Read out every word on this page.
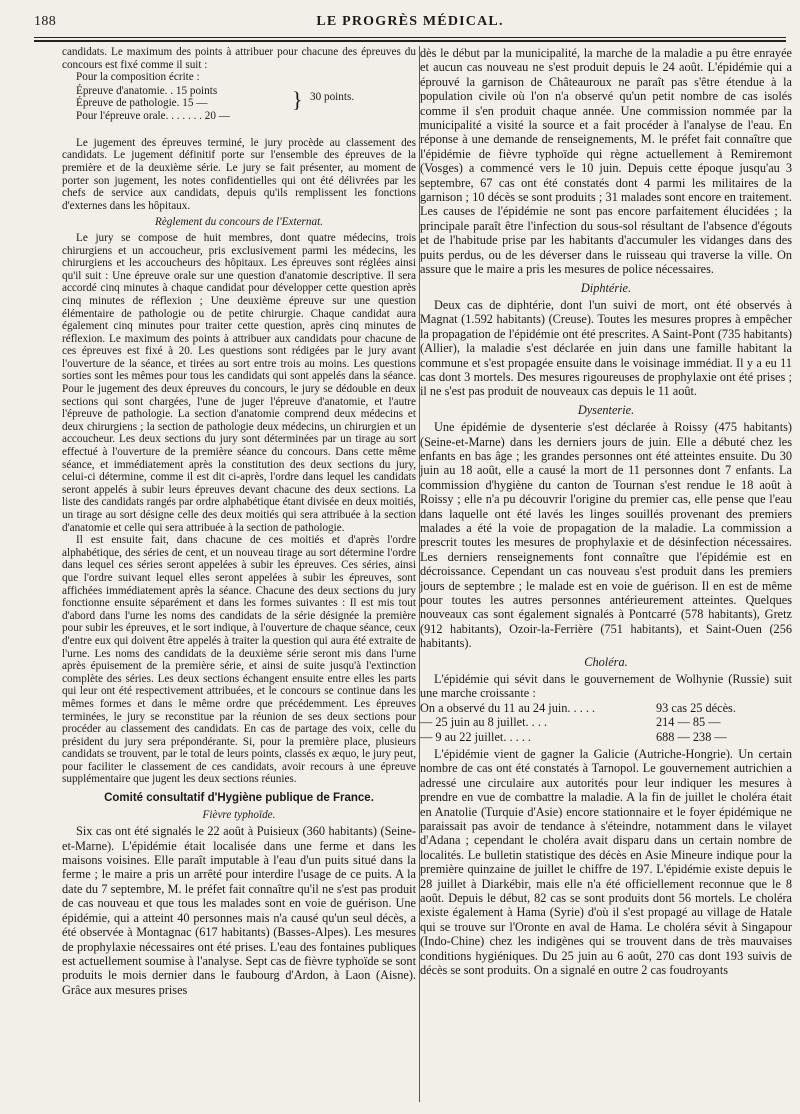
188	LE PROGRÈS MÉDICAL.

candidats. Le maximum des points à attribuer pour chacune des épreuves du concours est fixé comme il suit :

Pour la composition écrite :

Épreuve d'anatomie. . 15 points
Épreuve de pathologie. 15 —	} 30 points.
Pour l'épreuve orale. . . . . . . 20 —

Le jugement des épreuves terminé, le jury procède au classement des candidats. Le jugement définitif porte sur l'ensemble des épreuves de la première et de la deuxième série. Le jury se fait présenter, au moment de porter son jugement, les notes confidentielles qui ont été délivrées par les chefs de service aux candidats, depuis qu'ils remplissent les fonctions d'externes dans les hôpitaux.

Règlement du concours de l'Externat.

Le jury se compose de huit membres, dont quatre médecins, trois chirurgiens et un accoucheur, pris exclusivement parmi les médecins, les chirurgiens et les accoucheurs des hôpitaux. Les épreuves sont réglées ainsi qu'il suit : Une épreuve orale sur une question d'anatomie descriptive. Il sera accordé cinq minutes à chaque candidat pour développer cette question après cinq minutes de réflexion ; Une deuxième épreuve sur une question élémentaire de pathologie ou de petite chirurgie. Chaque candidat aura également cinq minutes pour traiter cette question, après cinq minutes de réflexion. Le maximum des points à attribuer aux candidats pour chacune de ces épreuves est fixé à 20. Les questions sont rédigées par le jury avant l'ouverture de la séance, et tirées au sort entre trois au moins. Les questions sorties sont les mêmes pour tous les candidats qui sont appelés dans la séance. Pour le jugement des deux épreuves du concours, le jury se dédouble en deux sections qui sont chargées, l'une de juger l'épreuve d'anatomie, et l'autre l'épreuve de pathologie. La section d'anatomie comprend deux médecins et deux chirurgiens ; la section de pathologie deux médecins, un chirurgien et un accoucheur. Les deux sections du jury sont déterminées par un tirage au sort effectué à l'ouverture de la première séance du concours. Dans cette même séance, et immédiatement après la constitution des deux sections du jury, celui-ci détermine, comme il est dit ci-après, l'ordre dans lequel les candidats seront appelés à subir leurs épreuves devant chacune des deux sections. La liste des candidats rangés par ordre alphabétique étant divisée en deux moitiés, un tirage au sort désigne celle des deux moitiés qui sera attribuée à la section d'anatomie et celle qui sera attribuée à la section de pathologie.

Il est ensuite fait, dans chacune de ces moitiés et d'après l'ordre alphabétique, des séries de cent, et un nouveau tirage au sort détermine l'ordre dans lequel ces séries seront appelées à subir les épreuves. Ces séries, ainsi que l'ordre suivant lequel elles seront appelées à subir les épreuves, sont affichées immédiatement après la séance. Chacune des deux sections du jury fonctionne ensuite séparément et dans les formes suivantes : Il est mis tout d'abord dans l'urne les noms des candidats de la série désignée la première pour subir les épreuves, et le sort indique, à l'ouverture de chaque séance, ceux d'entre eux qui doivent être appelés à traiter la question qui aura été extraite de l'urne. Les noms des candidats de la deuxième série seront mis dans l'urne après épuisement de la première série, et ainsi de suite jusqu'à l'extinction complète des séries. Les deux sections échangent ensuite entre elles les parts qui leur ont été respectivement attribuées, et le concours se continue dans les mêmes formes et dans le même ordre que précédemment. Les épreuves terminées, le jury se reconstitue par la réunion de ses deux sections pour procéder au classement des candidats. En cas de partage des voix, celle du président du jury sera prépondérante. Si, pour la première place, plusieurs candidats se trouvent, par le total de leurs points, classés ex æquo, le jury peut, pour faciliter le classement de ces candidats, avoir recours à une épreuve supplémentaire que jugent les deux sections réunies.

Comité consultatif d'Hygiène publique de France.
Fièvre typhoïde.

Six cas ont été signalés le 22 août à Puisieux (360 habitants) (Seine-et-Marne). L'épidémie était localisée dans une ferme et dans les maisons voisines. Elle paraît imputable à l'eau d'un puits situé dans la ferme ; le maire a pris un arrêté pour interdire l'usage de ce puits. A la date du 7 septembre, M. le préfet fait connaître qu'il ne s'est pas produit de cas nouveau et que tous les malades sont en voie de guérison. Une épidémie, qui a atteint 40 personnes mais n'a causé qu'un seul décès, a été observée à Montagnac (617 habitants) (Basses-Alpes). Les mesures de prophylaxie nécessaires ont été prises. L'eau des fontaines publiques est actuellement soumise à l'analyse. Sept cas de fièvre typhoïde se sont produits le mois dernier dans le faubourg d'Ardon, à Laon (Aisne). Grâce aux mesures prises

dès le début par la municipalité, la marche de la maladie a pu être enrayée et aucun cas nouveau ne s'est produit depuis le 24 août. L'épidémie qui a éprouvé la garnison de Châteauroux ne paraît pas s'être étendue à la population civile où l'on n'a observé qu'un petit nombre de cas isolés comme il s'en produit chaque année. Une commission nommée par la municipalité a visité la source et a fait procéder à l'analyse de l'eau. En réponse à une demande de renseignements, M. le préfet fait connaître que l'épidémie de fièvre typhoïde qui règne actuellement à Remiremont (Vosges) a commencé vers le 10 juin. Depuis cette époque jusqu'au 3 septembre, 67 cas ont été constatés dont 4 parmi les militaires de la garnison ; 10 décès se sont produits ; 31 malades sont encore en traitement. Les causes de l'épidémie ne sont pas encore parfaitement élucidées ; la principale paraît être l'infection du sous-sol résultant de l'absence d'égouts et de l'habitude prise par les habitants d'accumuler les vidanges dans des puits perdus, ou de les déverser dans le ruisseau qui traverse la ville. On assure que le maire a pris les mesures de police nécessaires.

Diphtérie.

Deux cas de diphtérie, dont l'un suivi de mort, ont été observés à Magnat (1.592 habitants) (Creuse). Toutes les mesures propres à empêcher la propagation de l'épidémie ont été prescrites. A Saint-Pont (735 habitants) (Allier), la maladie s'est déclarée en juin dans une famille habitant la commune et s'est propagée ensuite dans le voisinage immédiat. Il y a eu 11 cas dont 3 mortels. Des mesures rigoureuses de prophylaxie ont été prises ; il ne s'est pas produit de nouveaux cas depuis le 11 août.

Dysenterie.

Une épidémie de dysenterie s'est déclarée à Roissy (475 habitants) (Seine-et-Marne) dans les derniers jours de juin. Elle a débuté chez les enfants en bas âge ; les grandes personnes ont été atteintes ensuite. Du 30 juin au 18 août, elle a causé la mort de 11 personnes dont 7 enfants. La commission d'hygiène du canton de Tournan s'est rendue le 18 août à Roissy ; elle n'a pu découvrir l'origine du premier cas, elle pense que l'eau dans laquelle ont été lavés les linges souillés provenant des premiers malades a été la voie de propagation de la maladie. La commission a prescrit toutes les mesures de prophylaxie et de désinfection nécessaires. Les derniers renseignements font connaître que l'épidémie est en décroissance. Cependant un cas nouveau s'est produit dans les premiers jours de septembre ; le malade est en voie de guérison. Il en est de même pour toutes les autres personnes antérieurement atteintes. Quelques nouveaux cas sont également signalés à Pontcarré (578 habitants), Gretz (912 habitants), Ozoir-la-Ferrière (751 habitants), et Saint-Ouen (256 habitants).

Choléra.

L'épidémie qui sévit dans le gouvernement de Wolhynie (Russie) suit une marche croissante :

On a observé du 11 au 24 juin. . . . .	93 cas 25 décès.
— 25 juin au 8 juillet. . . .	214 — 85 —
— 9 au 22 juillet. . . . .	688 — 238 —

L'épidémie vient de gagner la Galicie (Autriche-Hongrie). Un certain nombre de cas ont été constatés à Tarnopol. Le gouvernement autrichien a adressé une circulaire aux autorités pour leur indiquer les mesures à prendre en vue de combattre la maladie. A la fin de juillet le choléra était en Anatolie (Turquie d'Asie) encore stationnaire et le foyer épidémique ne paraissait pas avoir de tendance à s'éteindre, notamment dans le vilayet d'Adana ; cependant le choléra avait disparu dans un certain nombre de localités. Le bulletin statistique des décès en Asie Mineure indique pour la première quinzaine de juillet le chiffre de 197. L'épidémie existe depuis le 28 juillet à Diarkébir, mais elle n'a été officiellement reconnue que le 8 août. Depuis le début, 82 cas se sont produits dont 56 mortels. Le choléra existe également à Hama (Syrie) d'où il s'est propagé au village de Hatale qui se trouve sur l'Oronte en aval de Hama. Le choléra sévit à Singapour (Indo-Chine) chez les indigènes qui se trouvent dans de très mauvaises conditions hygiéniques. Du 25 juin au 6 août, 270 cas dont 193 suivis de décès se sont produits. On a signalé en outre 2 cas foudroyants
